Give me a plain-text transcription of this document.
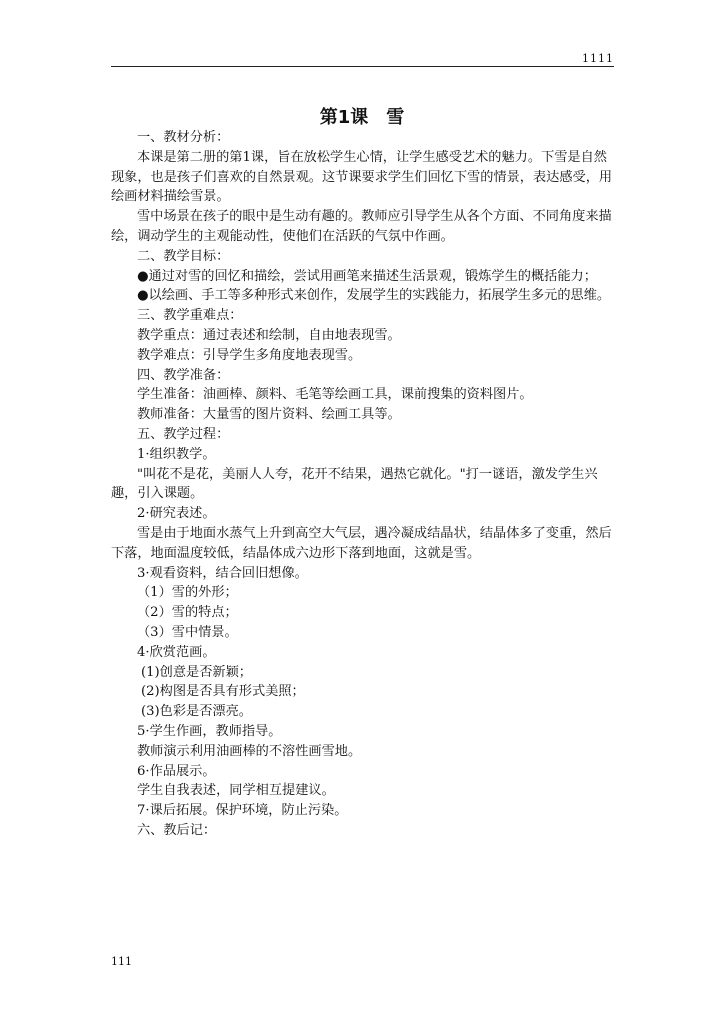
1111
第1课　雪

一、教材分析：

本课是第二册的第1课，旨在放松学生心情，让学生感受艺术的魅力。下雪是自然现象，也是孩子们喜欢的自然景观。这节课要求学生们回忆下雪的情景，表达感受，用绘画材料描绘雪景。

雪中场景在孩子的眼中是生动有趣的。教师应引导学生从各个方面、不同角度来描绘，调动学生的主观能动性，使他们在活跃的气氛中作画。

二、教学目标：

●通过对雪的回忆和描绘，尝试用画笔来描述生活景观，锻炼学生的概括能力；

●以绘画、手工等多种形式来创作，发展学生的实践能力，拓展学生多元的思维。

三、教学重难点：

教学重点：通过表述和绘制，自由地表现雪。

教学难点：引导学生多角度地表现雪。

四、教学准备：

学生准备：油画棒、颜料、毛笔等绘画工具，课前搜集的资料图片。

教师准备：大量雪的图片资料、绘画工具等。

五、教学过程：

1·组织教学。

"叫花不是花，美丽人人夸，花开不结果，遇热它就化。"打一谜语，激发学生兴趣，引入课题。

2·研究表述。

雪是由于地面水蒸气上升到高空大气层，遇冷凝成结晶状，结晶体多了变重，然后下落，地面温度较低，结晶体成六边形下落到地面，这就是雪。

3·观看资料，结合回旧想像。

（1）雪的外形；

（2）雪的特点；

（3）雪中情景。

4·欣赏范画。

(1)创意是否新颖；

(2)构图是否具有形式美照；

(3)色彩是否漂亮。

5·学生作画，教师指导。

教师演示利用油画棒的不溶性画雪地。

6·作品展示。

学生自我表述，同学相互提建议。

7·课后拓展。保护环境，防止污染。

六、教后记：

111
